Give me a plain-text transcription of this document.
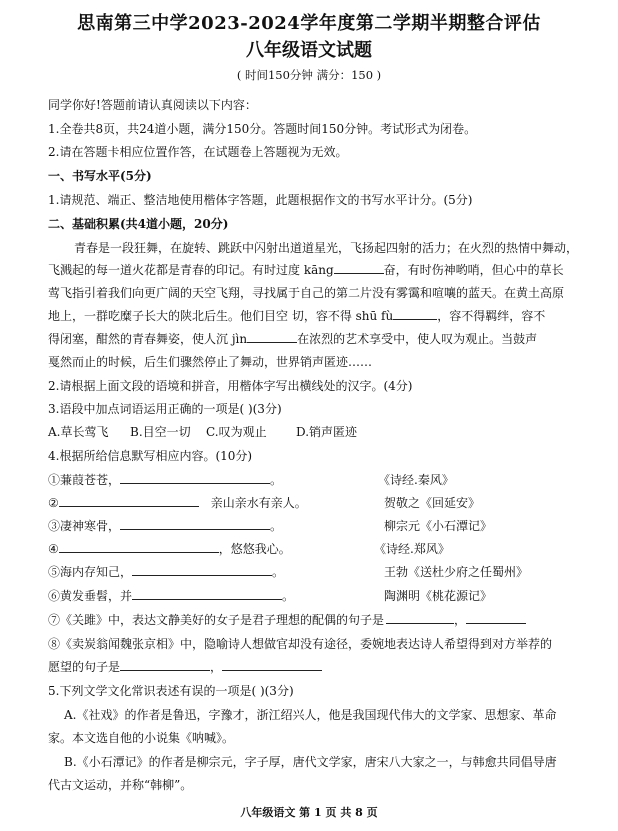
思南第三中学2023-2024学年度第二学期半期整合评估
八年级语文试题
( 时间150分钟 满分：150 )
同学你好!答题前请认真阅读以下内容：
1.全卷共8页，共24道小题，满分150分。答题时间150分钟。考试形式为闭卷。
2.请在答题卡相应位置作答，在试题卷上答题视为无效。
一、书写水平(5分)
1.请规范、端正、整洁地使用楷体字答题，此题根据作文的书写水平计分。(5分)
二、基础积累(共4道小题，20分)
青春是一段狂舞，在旋转、跳跃中闪射出道道星光，飞扬起四射的活力；在火烈的热情中舞动，
飞溅起的每一道火花都是青春的印记。有时过度 kāng	奋，有时伤神哟哨，但心中的草长
莺飞指引着我们向更广阔的天空飞翔，寻找属于自己的第二片没有雾霭和喧嚷的蓝天。在黄土高原
地上，一群吃糜子长大的陕北后生。他们目空 切，容不得 shū fù	，容不得羁绊，容不
得闭塞，酣然的青春舞姿，使人沉 jìn	在浓烈的艺术享受中，使人叹为观止。当鼓声
戛然而止的时候，后生们骤然停止了舞动，世界销声匿迹……
2.请根据上面文段的语境和拼音，用楷体字写出横线处的汉字。(4分)
3.语段中加点词语运用正确的一项是( )(3分)
A.草长莺飞 B.目空一切 C.叹为观止 D.销声匿迹
4.根据所给信息默写相应内容。(10分)
①蒹葭苍苍，	。	《诗经.秦风》
②	亲山亲水有亲人。	贺敬之《回延安》
③凄神寒骨，	。	柳宗元《小石潭记》
④	，悠悠我心。	《诗经.郑风》
⑤海内存知己，	。	王勃《送杜少府之任蜀州》
⑥黄发垂髫，并	。	陶渊明《桃花源记》
⑦《关雎》中，表达文静美好的女子是君子理想的配偶的句子是	，
⑧《卖炭翁闻魏张京相》中，隐喻诗人想做官却没有途径，委婉地表达诗人希望得到对方举荐的
愿望的句子是	，
5.下列文学文化常识表述有误的一项是( )(3分)
A.《社戏》的作者是鲁迅，字豫才，浙江绍兴人，他是我国现代伟大的文学家、思想家、革命
家。本文选自他的小说集《呐喊》。
B.《小石潭记》的作者是柳宗元，字子厚，唐代文学家，唐宋八大家之一，与韩愈共同倡导唐
代古文运动，并称“韩柳”。
八年级语文 第 1 页 共 8 页
